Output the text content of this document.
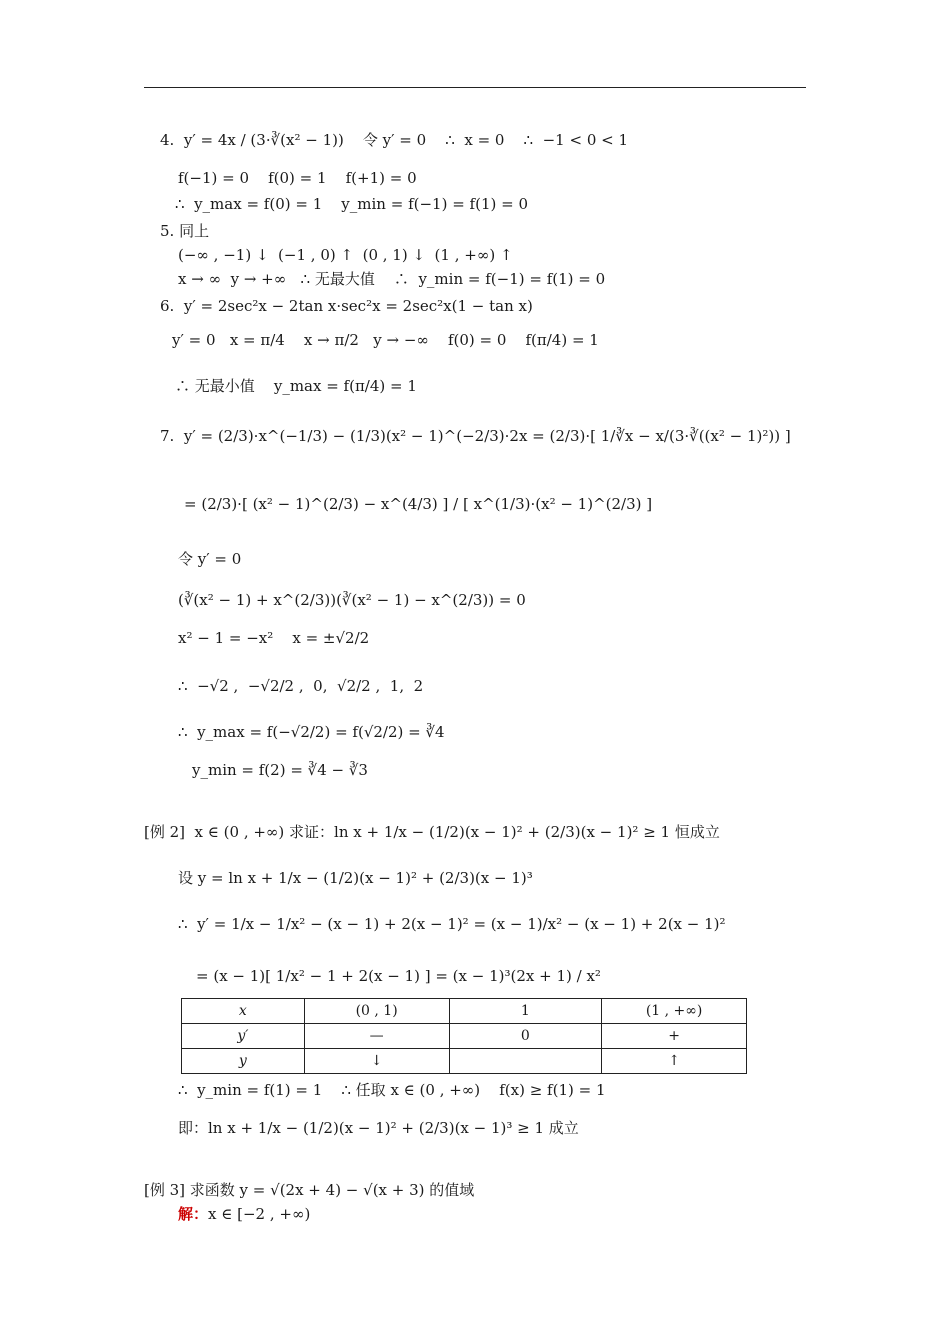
4.  y′ = 4x / (3·∛(x² − 1))    令 y′ = 0    ∴  x = 0    ∴  −1 < 0 < 1
f(−1) = 0    f(0) = 1    f(+1) = 0
∴  y_max = f(0) = 1    y_min = f(−1) = f(1) = 0
5. 同上
(−∞ , −1) ↓  (−1 , 0) ↑  (0 , 1) ↓  (1 , +∞) ↑
x → ∞  y → +∞   ∴ 无最大值    ∴  y_min = f(−1) = f(1) = 0
6.  y′ = 2sec²x − 2tan x·sec²x = 2sec²x(1 − tan x)
y′ = 0   x = π/4    x → π/2   y → −∞    f(0) = 0    f(π/4) = 1
∴ 无最小值    y_max = f(π/4) = 1
7.  y′ = (2/3)·x^(−1/3) − (1/3)(x² − 1)^(−2/3)·2x = (2/3)·[ 1/∛x − x/(3·∛((x² − 1)²)) ]
= (2/3)·[ (x² − 1)^(2/3) − x^(4/3) ] / [ x^(1/3)·(x² − 1)^(2/3) ]
令 y′ = 0
(∛(x² − 1) + x^(2/3))(∛(x² − 1) − x^(2/3)) = 0
x² − 1 = −x²    x = ±√2/2
∴  −√2 ,  −√2/2 ,  0,  √2/2 ,  1,  2
∴  y_max = f(−√2/2) = f(√2/2) = ∛4
y_min = f(2) = ∛4 − ∛3
[例 2]  x ∈ (0 , +∞) 求证：ln x + 1/x − (1/2)(x − 1)² + (2/3)(x − 1)² ≥ 1 恒成立
设 y = ln x + 1/x − (1/2)(x − 1)² + (2/3)(x − 1)³
∴  y′ = 1/x − 1/x² − (x − 1) + 2(x − 1)² = (x − 1)/x² − (x − 1) + 2(x − 1)²
= (x − 1)[ 1/x² − 1 + 2(x − 1) ] = (x − 1)³(2x + 1) / x²
∴  y_min = f(1) = 1    ∴ 任取 x ∈ (0 , +∞)    f(x) ≥ f(1) = 1
即：ln x + 1/x − (1/2)(x − 1)² + (2/3)(x − 1)³ ≥ 1 成立
[例 3] 求函数 y = √(2x + 4) − √(x + 3) 的值域
x	(0 , 1)	1	(1 , +∞)
y′	—	0	+
y	↓		↑
解：x ∈ [−2 , +∞)
